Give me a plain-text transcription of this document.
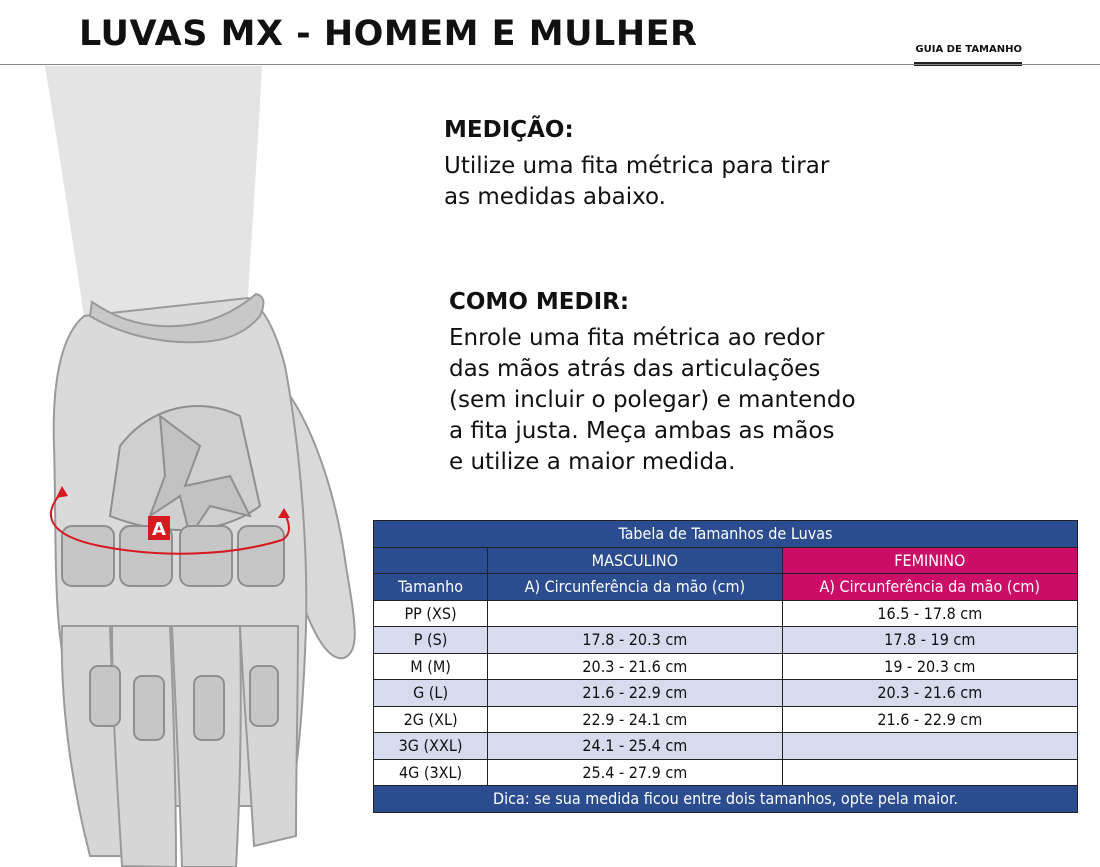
LUVAS MX - HOMEM E MULHER	GUIA DE TAMANHO
A
MEDIÇÃO:

Utilize uma fita métrica para tirar
as medidas abaixo.

COMO MEDIR:

Enrole uma fita métrica ao redor
das mãos atrás das articulações
(sem incluir o polegar) e mantendo
a fita justa. Meça ambas as mãos
e utilize a maior medida.

Tabela de Tamanhos de Luvas		
	MASCULINO	FEMININO
Tamanho	A) Circunferência da mão (cm)	A) Circunferência da mão (cm)
PP (XS)		16.5 - 17.8 cm
P (S)	17.8 - 20.3 cm	17.8 - 19 cm
M (M)	20.3 - 21.6 cm	19 - 20.3 cm
G (L)	21.6 - 22.9 cm	20.3 - 21.6 cm
2G (XL)	22.9 - 24.1 cm	21.6 - 22.9 cm
3G (XXL)	24.1 - 25.4 cm	
4G (3XL)	25.4 - 27.9 cm	
Dica: se sua medida ficou entre dois tamanhos, opte pela maior.		
